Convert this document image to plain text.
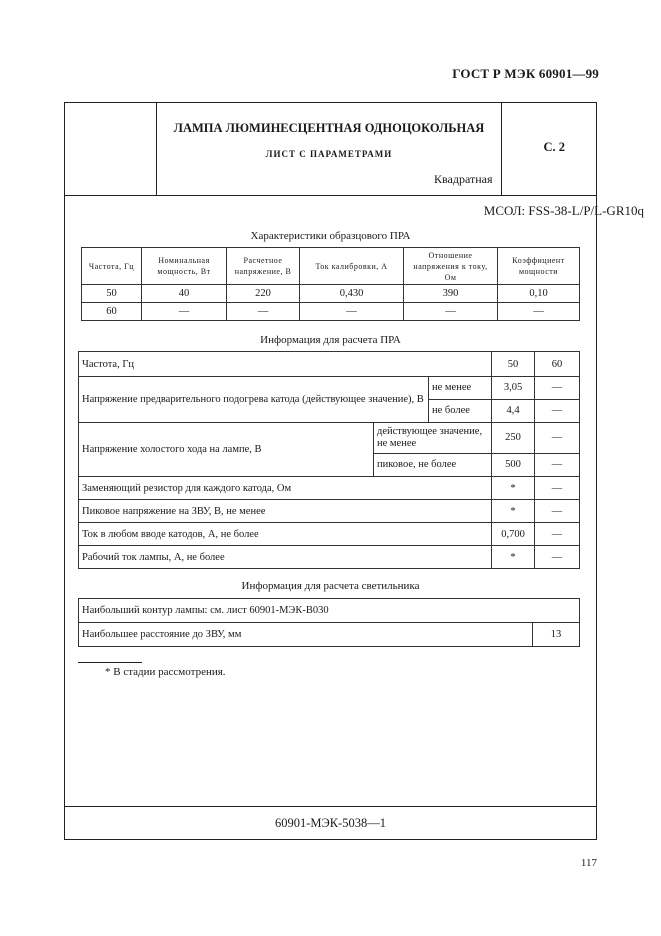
ГОСТ Р МЭК 60901—99
ЛАМПА ЛЮМИНЕСЦЕНТНАЯ ОДНОЦОКОЛЬНАЯ
ЛИСТ С ПАРАМЕТРАМИ
Квадратная
С. 2
МСОЛ: FSS-38-L/P/L-GR10q
Характеристики образцового ПРА
Частота, Гц	Номинальная мощность, Вт	Расчетное напряжение, В	Ток калибровки, А	Отношение напряжения к току, Ом	Коэффициент мощности
50	40	220	0,430	390	0,10
60	—	—	—	—	—
Информация для расчета ПРА
Частота, Гц			50	60
Напряжение предварительного подогрева катода (действующее значение), В		не менее	3,05	—
		не более	4,4	—
Напряжение холостого хода на лампе, В	действующее значение, не менее		250	—
	пиковое, не более		500	—
Заменяющий резистор для каждого катода, Ом			*	—
Пиковое напряжение на ЗВУ, В, не менее			*	—
Ток в любом вводе катодов, А, не более			0,700	—
Рабочий ток лампы, А, не более			*	—
Информация для расчета светильника
Наибольший контур лампы: см. лист 60901-МЭК-В030
Наибольшее расстояние до ЗВУ, мм	13
* В стадии рассмотрения.
60901-МЭК-5038—1
117
